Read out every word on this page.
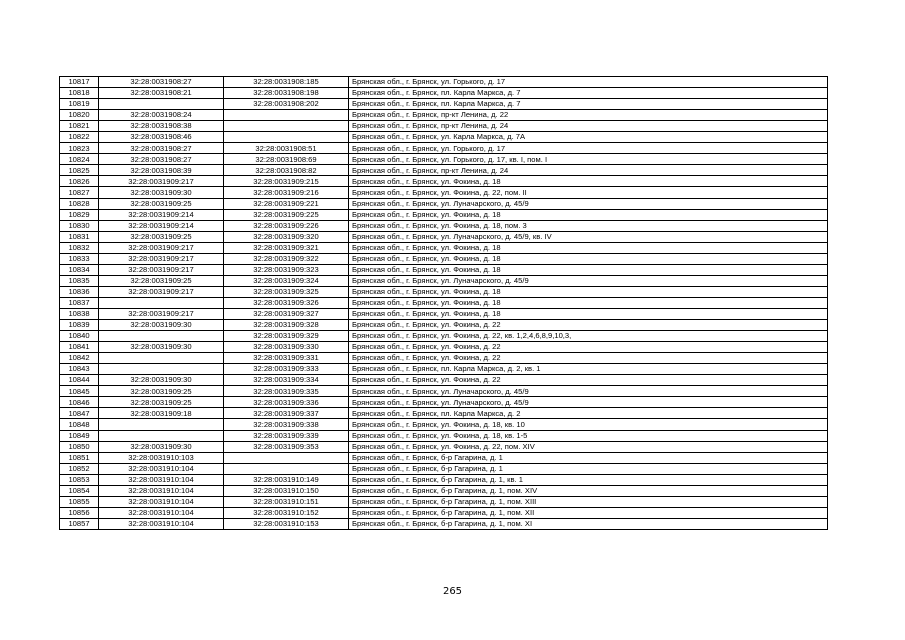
10817	32:28:0031908:27	32:28:0031908:185	Брянская обл., г. Брянск, ул. Горького, д. 17
10818	32:28:0031908:21	32:28:0031908:198	Брянская обл., г. Брянск, пл. Карла Маркса, д. 7
10819		32:28:0031908:202	Брянская обл., г. Брянск, пл. Карла Маркса, д. 7
10820	32:28:0031908:24		Брянская обл., г. Брянск, пр-кт Ленина, д. 22
10821	32:28:0031908:38		Брянская обл., г. Брянск, пр-кт Ленина, д. 24
10822	32:28:0031908:46		Брянская обл., г. Брянск, ул. Карла Маркса, д. 7А
10823	32:28:0031908:27	32:28:0031908:51	Брянская обл., г. Брянск, ул. Горького, д. 17
10824	32:28:0031908:27	32:28:0031908:69	Брянская обл., г. Брянск, ул. Горького, д. 17, кв. I, пом. I
10825	32:28:0031908:39	32:28:0031908:82	Брянская обл., г. Брянск, пр-кт Ленина, д. 24
10826	32:28:0031909:217	32:28:0031909:215	Брянская обл., г. Брянск, ул. Фокина, д. 18
10827	32:28:0031909:30	32:28:0031909:216	Брянская обл., г. Брянск, ул. Фокина, д. 22, пом. II
10828	32:28:0031909:25	32:28:0031909:221	Брянская обл., г. Брянск, ул. Луначарского, д. 45/9
10829	32:28:0031909:214	32:28:0031909:225	Брянская обл., г. Брянск, ул. Фокина, д. 18
10830	32:28:0031909:214	32:28:0031909:226	Брянская обл., г. Брянск, ул. Фокина, д. 18, пом. 3
10831	32:28:0031909:25	32:28:0031909:320	Брянская обл., г. Брянск, ул. Луначарского, д. 45/9, кв. IV
10832	32:28:0031909:217	32:28:0031909:321	Брянская обл., г. Брянск, ул. Фокина, д. 18
10833	32:28:0031909:217	32:28:0031909:322	Брянская обл., г. Брянск, ул. Фокина, д. 18
10834	32:28:0031909:217	32:28:0031909:323	Брянская обл., г. Брянск, ул. Фокина, д. 18
10835	32:28:0031909:25	32:28:0031909:324	Брянская обл., г. Брянск, ул. Луначарского, д. 45/9
10836	32:28:0031909:217	32:28:0031909:325	Брянская обл., г. Брянск, ул. Фокина, д. 18
10837		32:28:0031909:326	Брянская обл., г. Брянск, ул. Фокина, д. 18
10838	32:28:0031909:217	32:28:0031909:327	Брянская обл., г. Брянск, ул. Фокина, д. 18
10839	32:28:0031909:30	32:28:0031909:328	Брянская обл., г. Брянск, ул. Фокина, д. 22
10840		32:28:0031909:329	Брянская обл., г. Брянск, ул. Фокина, д. 22, кв. 1,2,4,6,8,9,10,3,
10841	32:28:0031909:30	32:28:0031909:330	Брянская обл., г. Брянск, ул. Фокина, д. 22
10842		32:28:0031909:331	Брянская обл., г. Брянск, ул. Фокина, д. 22
10843		32:28:0031909:333	Брянская обл., г. Брянск, пл. Карла Маркса, д. 2, кв. 1
10844	32:28:0031909:30	32:28:0031909:334	Брянская обл., г. Брянск, ул. Фокина, д. 22
10845	32:28:0031909:25	32:28:0031909:335	Брянская обл., г. Брянск, ул. Луначарского, д. 45/9
10846	32:28:0031909:25	32:28:0031909:336	Брянская обл., г. Брянск, ул. Луначарского, д. 45/9
10847	32:28:0031909:18	32:28:0031909:337	Брянская обл., г. Брянск, пл. Карла Маркса, д. 2
10848		32:28:0031909:338	Брянская обл., г. Брянск, ул. Фокина, д. 18, кв. 10
10849		32:28:0031909:339	Брянская обл., г. Брянск, ул. Фокина, д. 18, кв. 1-5
10850	32:28:0031909:30	32:28:0031909:353	Брянская обл., г. Брянск, ул. Фокина, д. 22, пом. XIV
10851	32:28:0031910:103		Брянская обл., г. Брянск, б-р Гагарина, д. 1
10852	32:28:0031910:104		Брянская обл., г. Брянск, б-р Гагарина, д. 1
10853	32:28:0031910:104	32:28:0031910:149	Брянская обл., г. Брянск, б-р Гагарина, д. 1, кв. 1
10854	32:28:0031910:104	32:28:0031910:150	Брянская обл., г. Брянск, б-р Гагарина, д. 1, пом. XIV
10855	32:28:0031910:104	32:28:0031910:151	Брянская обл., г. Брянск, б-р Гагарина, д. 1, пом. XIII
10856	32:28:0031910:104	32:28:0031910:152	Брянская обл., г. Брянск, б-р Гагарина, д. 1, пом. XII
10857	32:28:0031910:104	32:28:0031910:153	Брянская обл., г. Брянск, б-р Гагарина, д. 1, пом. XI
265
